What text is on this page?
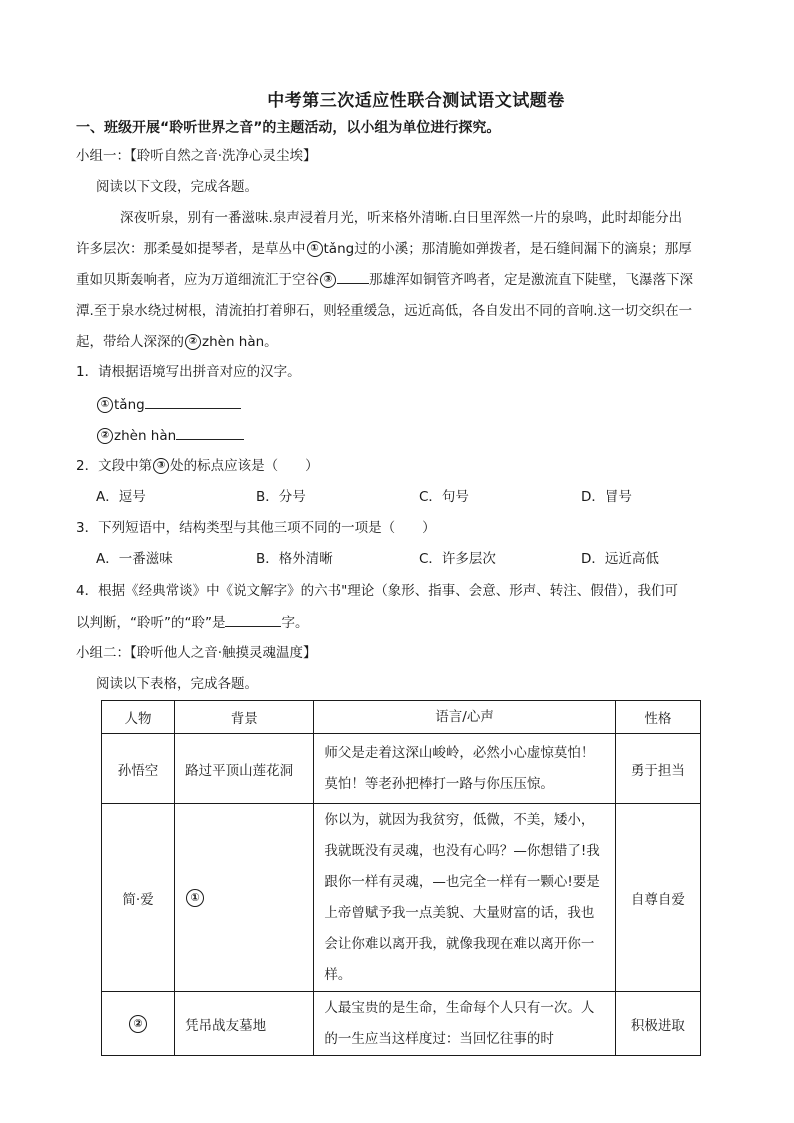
中考第三次适应性联合测试语文试题卷
一、班级开展“聆听世界之音”的主题活动，以小组为单位进行探究。
小组一：【聆听自然之音·洗净心灵尘埃】
阅读以下文段，完成各题。
深夜听泉，别有一番滋味.泉声浸着月光，听来格外清晰.白日里浑然一片的泉鸣，此时却能分出
许多层次：那柔曼如提琴者，是草丛中 ① tǎng过的小溪；那清脆如弹拨者，是石缝间漏下的滴泉；那厚
重如贝斯轰响者，应为万道细流汇于空谷 ③	那雄浑如铜管齐鸣者，定是激流直下陡壁，飞瀑落下深
潭.至于泉水绕过树根，清流拍打着卵石，则轻重缓急，远近高低，各自发出不同的音响.这一切交织在一
起，带给人深深的 ② zhèn hàn。
1．请根据语境写出拼音对应的汉字。
① tǎng
② zhèn hàn
2．文段中第 ③ 处的标点应该是（　　）
A．逗号	B．分号	C．句号	D．冒号
3．下列短语中，结构类型与其他三项不同的一项是（　　）
A．一番滋味	B．格外清晰	C．许多层次	D．远近高低
4．根据《经典常谈》中《说文解字》的六书"理论（象形、指事、会意、形声、转注、假借），我们可
以判断，“聆听”的“聆”是	字。
小组二：【聆听他人之音·触摸灵魂温度】
阅读以下表格，完成各题。
人物	背景	语言/心声	性格
孙悟空	路过平顶山莲花洞	师父是走着这深山峻岭，必然小心虚惊莫怕！莫怕！等老孙把棒打一路与你压压惊。	勇于担当
简·爱	①	你以为，就因为我贫穷，低微，不美，矮小，我就既没有灵魂，也没有心吗？—你想错了!我跟你一样有灵魂，—也完全一样有一颗心!要是上帝曾赋予我一点美貌、大量财富的话，我也会让你难以离开我，就像我现在难以离开你一样。	自尊自爱
②	凭吊战友墓地	人最宝贵的是生命，生命每个人只有一次。人的一生应当这样度过：当回忆往事的时	积极进取
